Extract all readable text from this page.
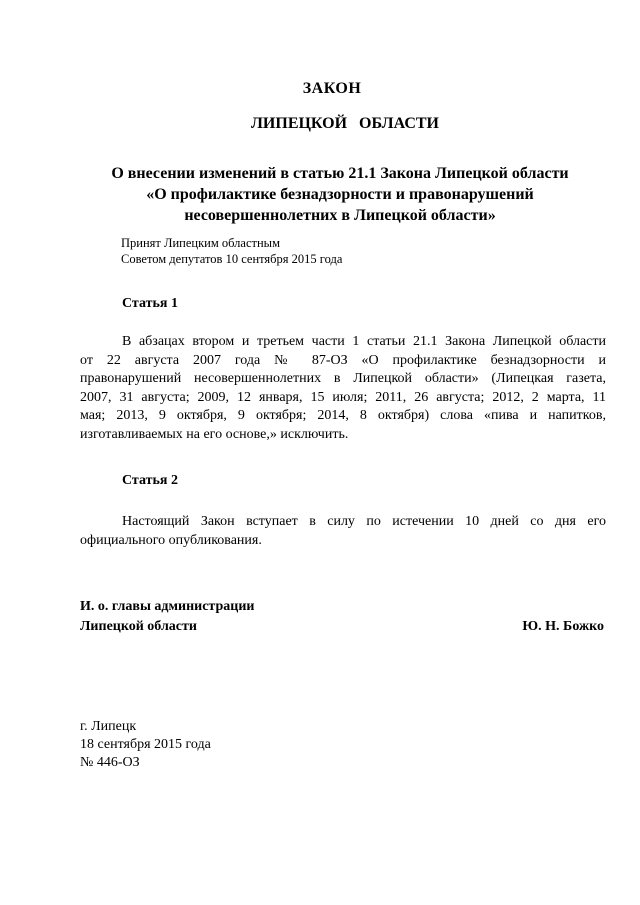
ЗАКОН
ЛИПЕЦКОЙ ОБЛАСТИ
О внесении изменений в статью 21.1 Закона Липецкой области
«О профилактике безнадзорности и правонарушений
несовершеннолетних в Липецкой области»
Принят Липецким областным
Советом депутатов 10 сентября 2015 года
Статья 1
В абзацах втором и третьем части 1 статьи 21.1 Закона Липецкой области
от 22 августа 2007 года № 87-ОЗ «О профилактике безнадзорности и
правонарушений несовершеннолетних в Липецкой области» (Липецкая газета,
2007, 31 августа; 2009, 12 января, 15 июля; 2011, 26 августа; 2012, 2 марта, 11
мая; 2013, 9 октября, 9 октября; 2014, 8 октября) слова «пива и напитков,
изготавливаемых на его основе,» исключить.
Статья 2
Настоящий Закон вступает в силу по истечении 10 дней со дня его
официального опубликования.
И. о. главы администрации
Липецкой области	Ю. Н. Божко
г. Липецк
18 сентября 2015 года
№ 446-ОЗ
